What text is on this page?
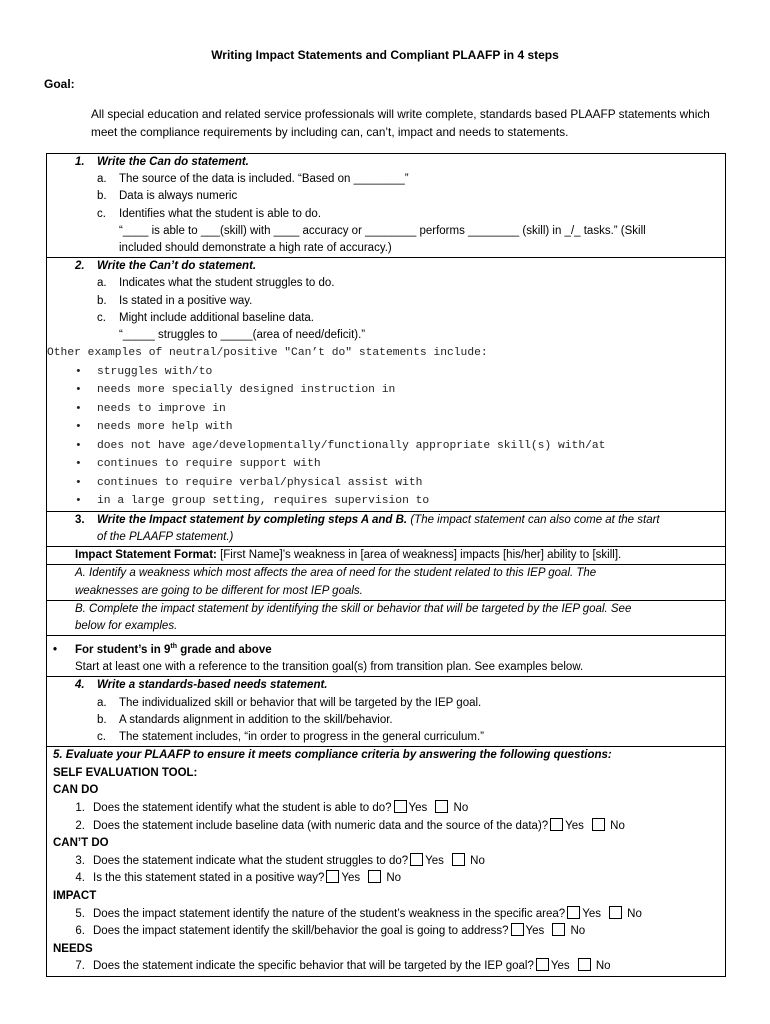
Writing Impact Statements and Compliant PLAAFP in 4 steps
Goal:
All special education and related service professionals will write complete, standards based PLAAFP statements which meet the compliance requirements by including can, can’t, impact and needs to statements.
1. Write the Can do statement.
a. The source of the data is included. “Based on ________”
b. Data is always numeric
c. Identifies what the student is able to do.
“____ is able to ___(skill) with ____ accuracy or ________ performs ________ (skill) in _/_ tasks.” (Skill
included should demonstrate a high rate of accuracy.)
2. Write the Can’t do statement.
a. Indicates what the student struggles to do.
b. Is stated in a positive way.
c. Might include additional baseline data.
“_____ struggles to _____(area of need/deficit).”
Other examples of neutral/positive "Can’t do" statements include:
• struggles with/to
• needs more specially designed instruction in
• needs to improve in
• needs more help with
• does not have age/developmentally/functionally appropriate skill(s) with/at
• continues to require support with
• continues to require verbal/physical assist with
• in a large group setting, requires supervision to
3. Write the Impact statement by completing steps A and B. (The impact statement can also come at the start
of the PLAAFP statement.)
Impact Statement Format: [First Name]’s weakness in [area of weakness] impacts [his/her] ability to [skill].
A. Identify a weakness which most affects the area of need for the student related to this IEP goal. The
weaknesses are going to be different for most IEP goals.
B. Complete the impact statement by identifying the skill or behavior that will be targeted by the IEP goal. See
below for examples.
• For student’s in 9th grade and above
Start at least one with a reference to the transition goal(s) from transition plan. See examples below.
4. Write a standards-based needs statement.
a. The individualized skill or behavior that will be targeted by the IEP goal.
b. A standards alignment in addition to the skill/behavior.
c. The statement includes, “in order to progress in the general curriculum.”
5. Evaluate your PLAAFP to ensure it meets compliance criteria by answering the following questions:
SELF EVALUATION TOOL:
CAN DO
1. Does the statement identify what the student is able to do? Yes No
2. Does the statement include baseline data (with numeric data and the source of the data)? Yes No
CAN’T DO
3. Does the statement indicate what the student struggles to do? Yes No
4. Is the this statement stated in a positive way? Yes No
IMPACT
5. Does the impact statement identify the nature of the student’s weakness in the specific area? Yes No
6. Does the impact statement identify the skill/behavior the goal is going to address? Yes No
NEEDS
7. Does the statement indicate the specific behavior that will be targeted by the IEP goal? Yes No
